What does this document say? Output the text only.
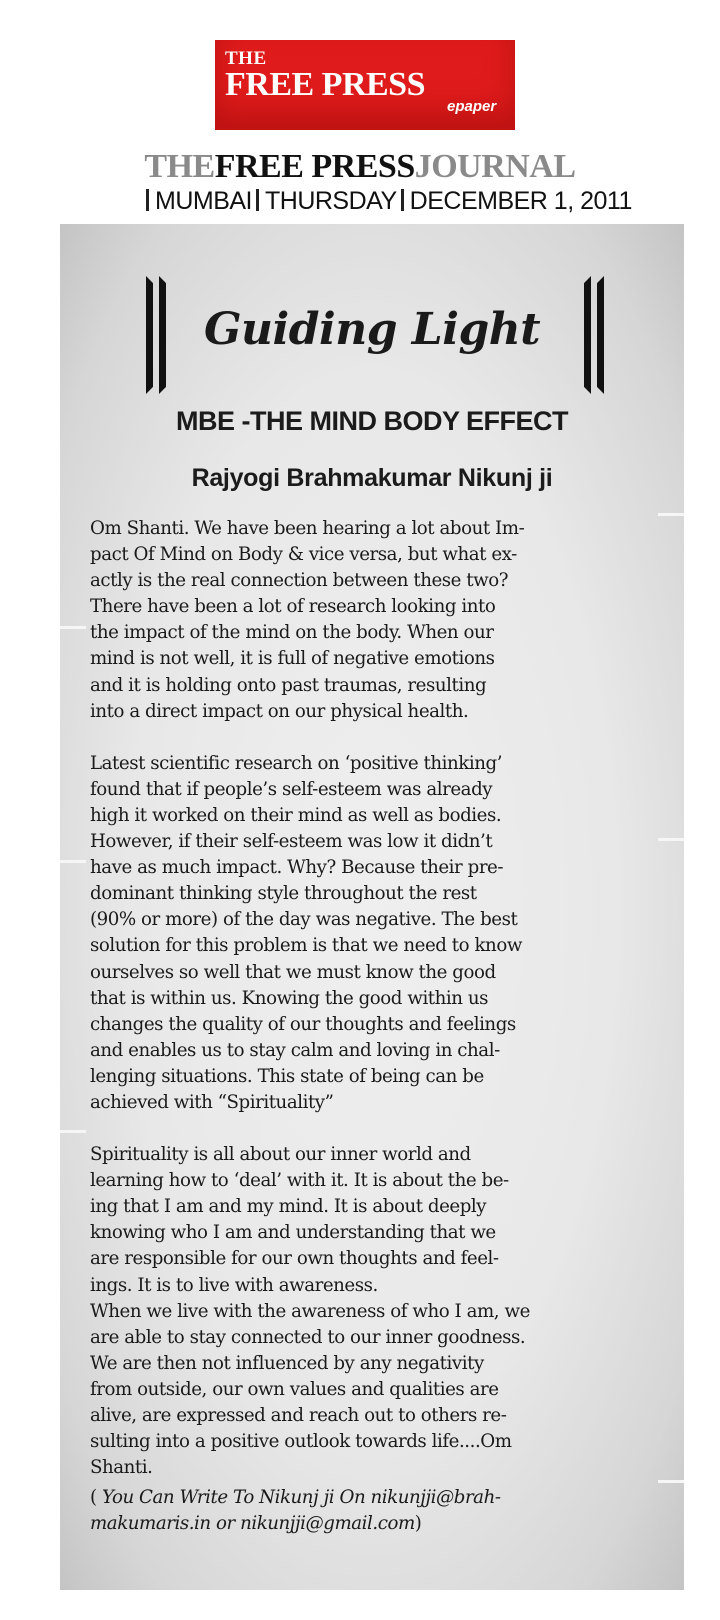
THE
FREE PRESS
epaper
THEFREE PRESSJOURNAL
MUMBAI THURSDAY DECEMBER 1, 2011
Guiding Light
MBE -THE MIND BODY EFFECT
Rajyogi Brahmakumar Nikunj ji
Om Shanti. We have been hearing a lot about Im-
pact Of Mind on Body & vice versa, but what ex-
actly is the real connection between these two?
There have been a lot of research looking into
the impact of the mind on the body. When our
mind is not well, it is full of negative emotions
and it is holding onto past traumas, resulting
into a direct impact on our physical health.
Latest scientific research on ‘positive thinking’
found that if people’s self-esteem was already
high it worked on their mind as well as bodies.
However, if their self-esteem was low it didn’t
have as much impact. Why? Because their pre-
dominant thinking style throughout the rest
(90% or more) of the day was negative. The best
solution for this problem is that we need to know
ourselves so well that we must know the good
that is within us. Knowing the good within us
changes the quality of our thoughts and feelings
and enables us to stay calm and loving in chal-
lenging situations. This state of being can be
achieved with “Spirituality”
Spirituality is all about our inner world and
learning how to ‘deal’ with it. It is about the be-
ing that I am and my mind. It is about deeply
knowing who I am and understanding that we
are responsible for our own thoughts and feel-
ings. It is to live with awareness.
When we live with the awareness of who I am, we
are able to stay connected to our inner goodness.
We are then not influenced by any negativity
from outside, our own values and qualities are
alive, are expressed and reach out to others re-
sulting into a positive outlook towards life....Om
Shanti.
( You Can Write To Nikunj ji On nikunjji@brah-
makumaris.in or nikunjji@gmail.com)
